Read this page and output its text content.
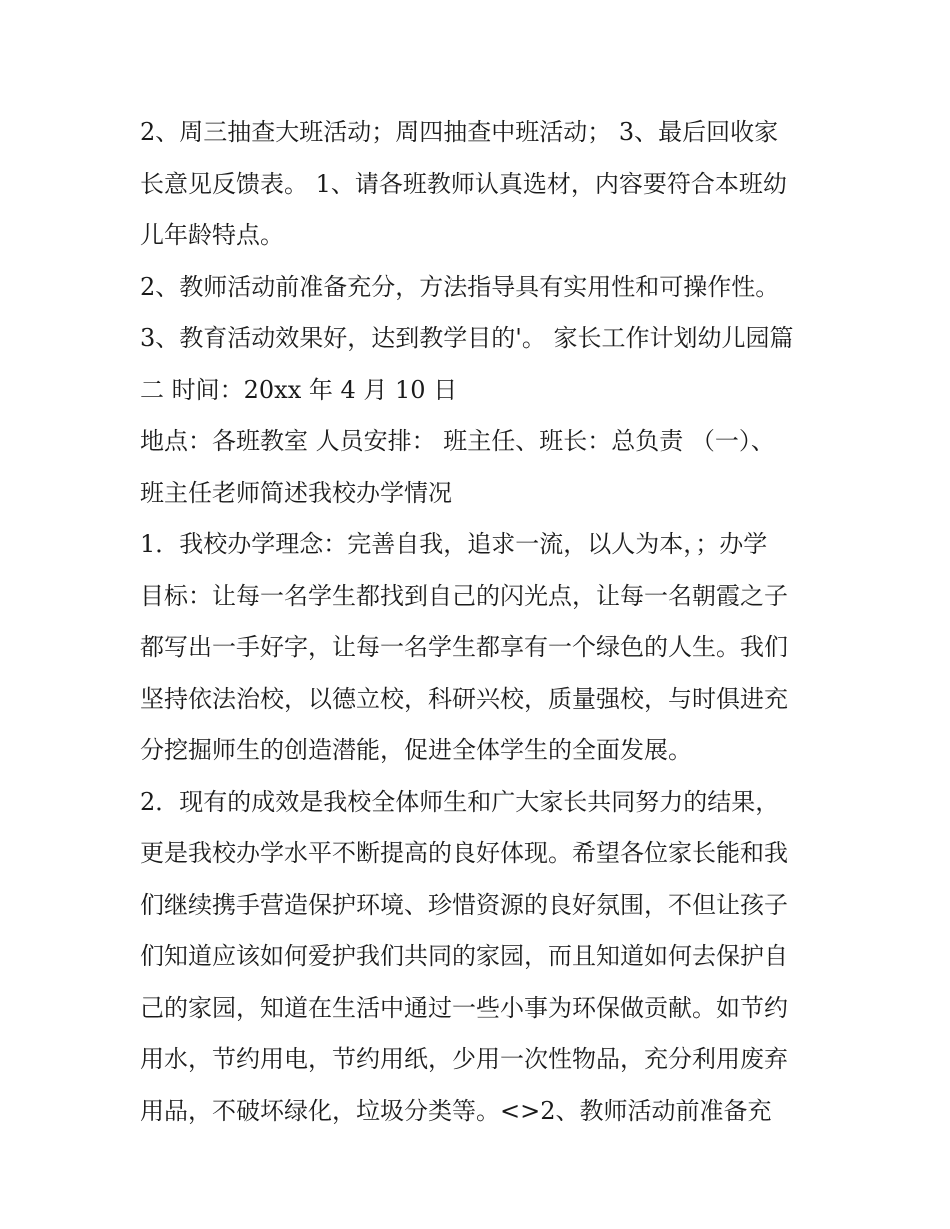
2、周三抽查大班活动；周四抽查中班活动； 3、最后回收家
长意见反馈表。 1、请各班教师认真选材，内容要符合本班幼
儿年龄特点。
2、教师活动前准备充分，方法指导具有实用性和可操作性。
3、教育活动效果好，达到教学目的'。 家长工作计划幼儿园篇
二 时间：20xx 年 4 月 10 日
地点：各班教室 人员安排： 班主任、班长：总负责 （一）、
班主任老师简述我校办学情况
1．我校办学理念：完善自我，追求一流，以人为本，；办学
目标：让每一名学生都找到自己的闪光点，让每一名朝霞之子
都写出一手好字，让每一名学生都享有一个绿色的人生。我们
坚持依法治校，以德立校，科研兴校，质量强校，与时俱进充
分挖掘师生的创造潜能，促进全体学生的全面发展。
2．现有的成效是我校全体师生和广大家长共同努力的结果，
更是我校办学水平不断提高的良好体现。希望各位家长能和我
们继续携手营造保护环境、珍惜资源的良好氛围，不但让孩子
们知道应该如何爱护我们共同的家园，而且知道如何去保护自
己的家园，知道在生活中通过一些小事为环保做贡献。如节约
用水，节约用电，节约用纸，少用一次性物品，充分利用废弃
用品，不破坏绿化，垃圾分类等。<>2、教师活动前准备充
